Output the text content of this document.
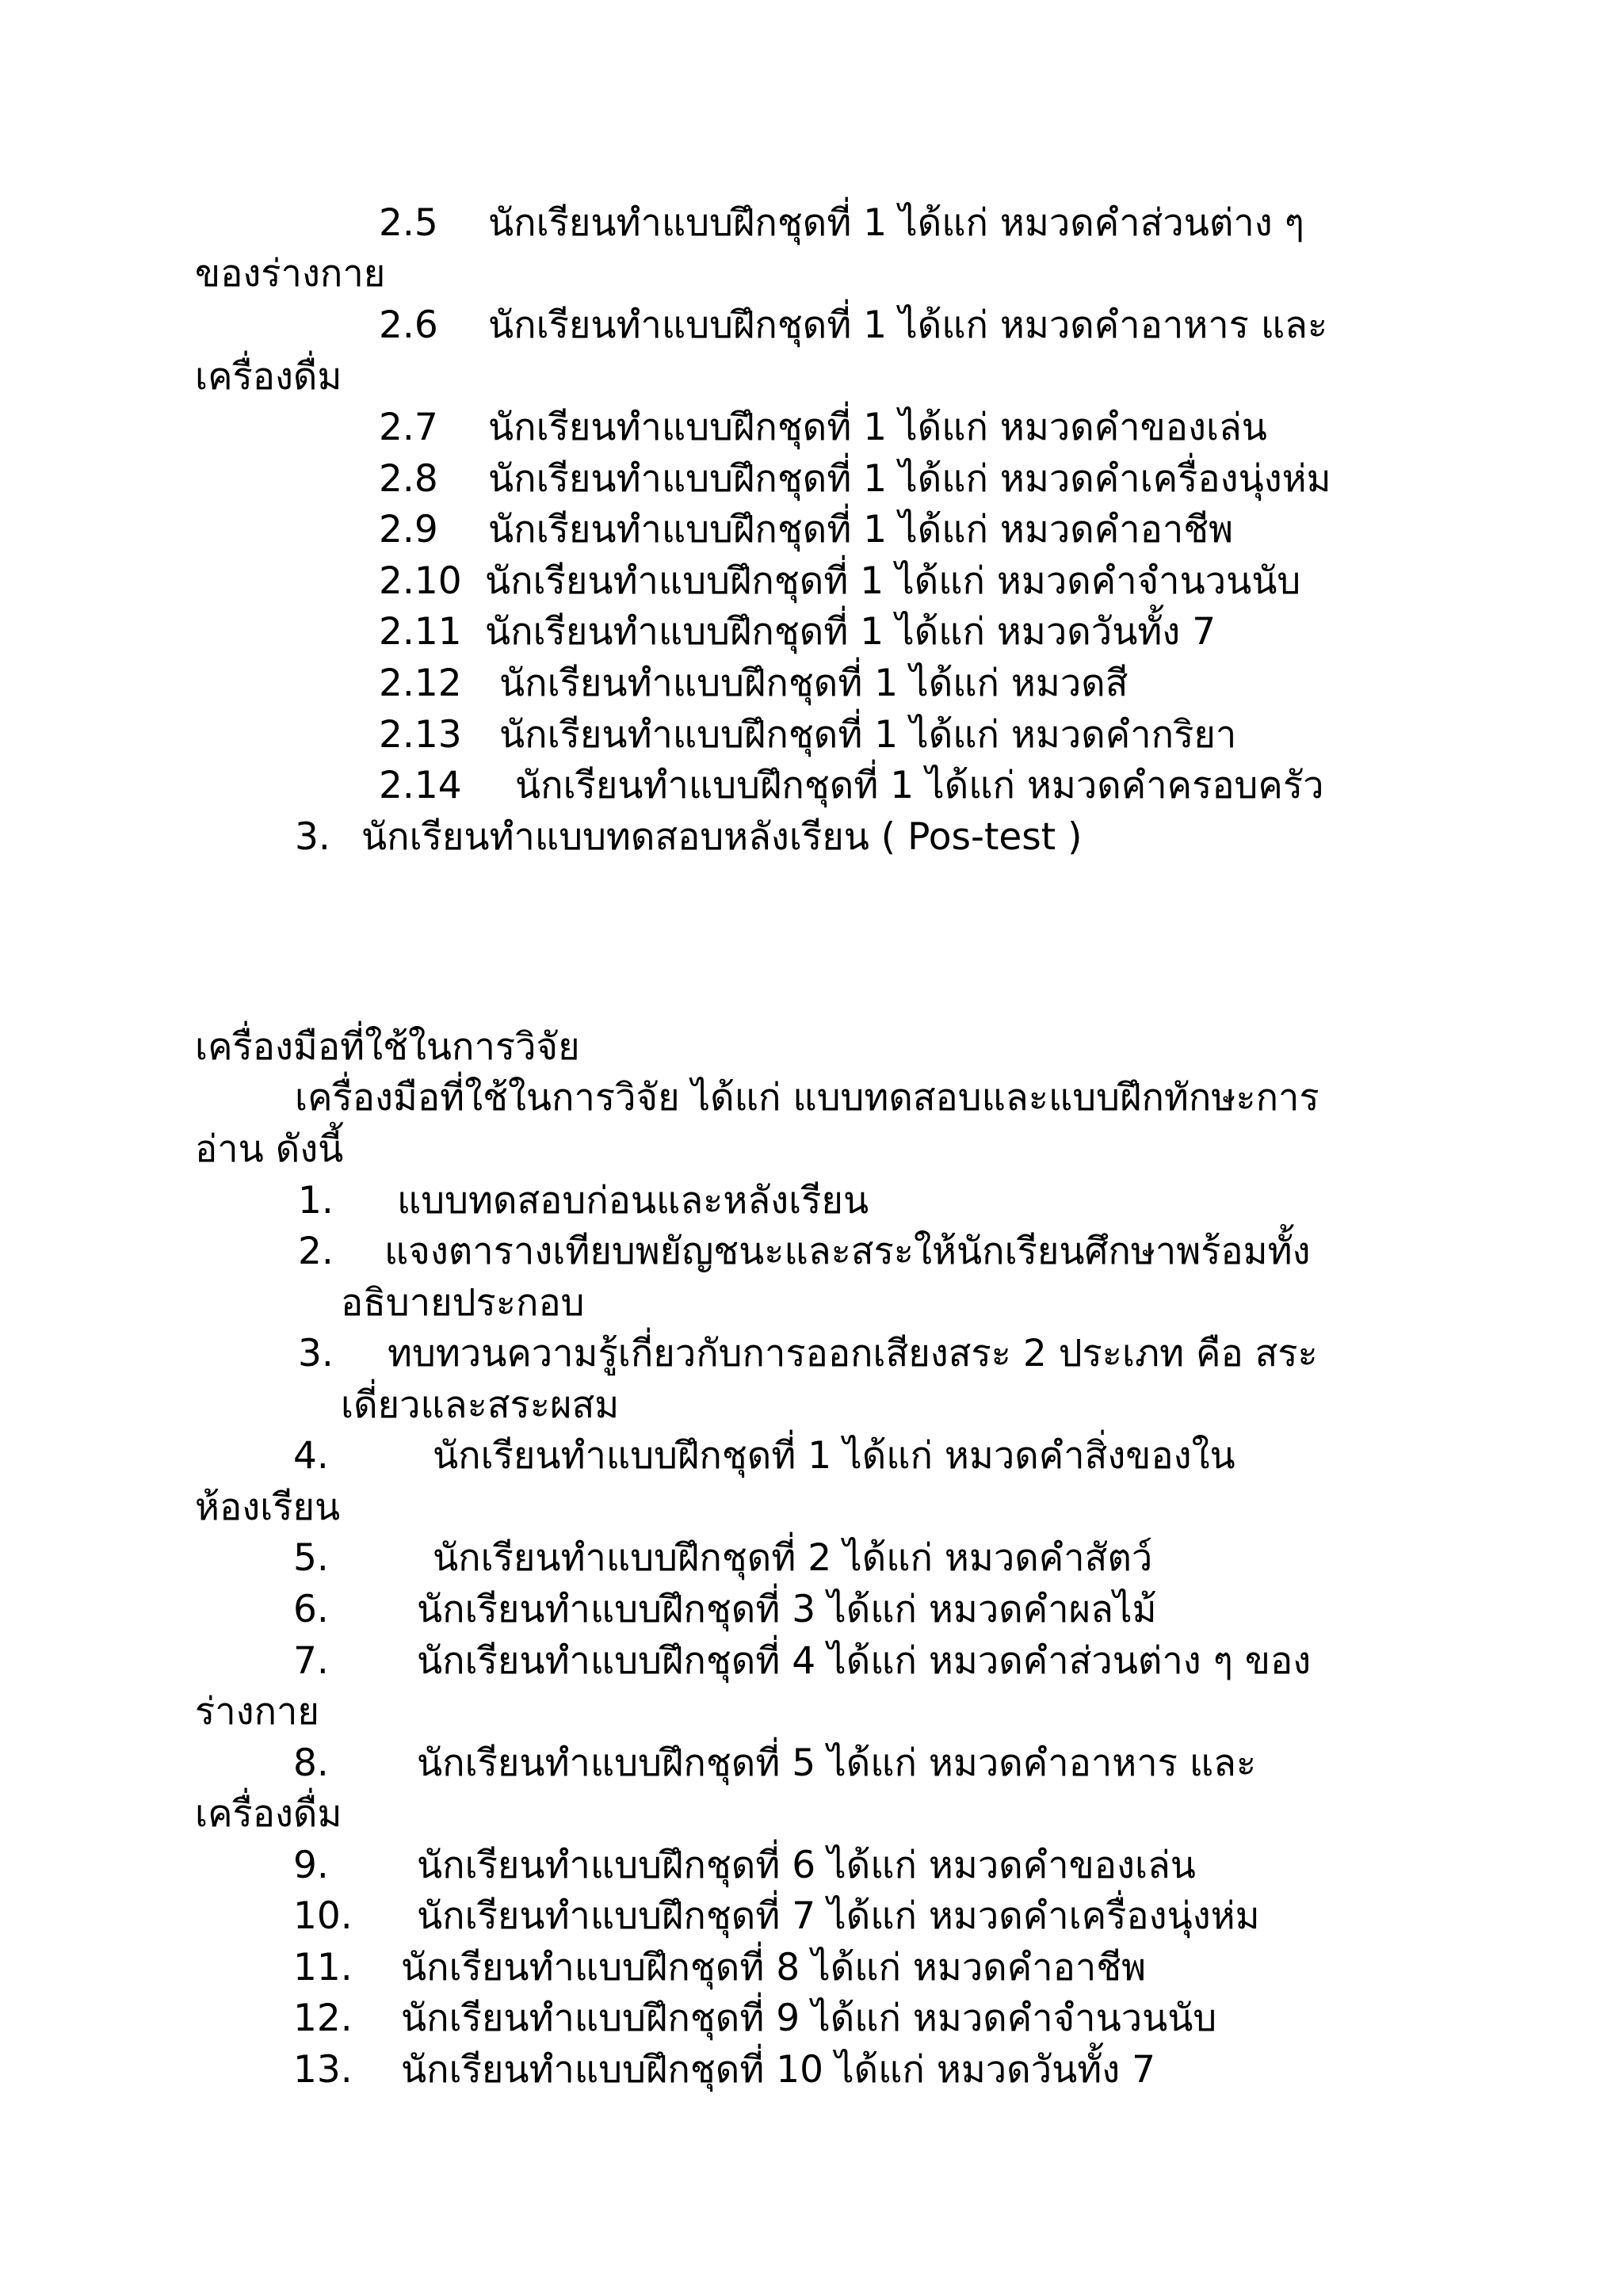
2.5 นักเรียนทำแบบฝึกชุดที่ 1 ได้แก่ หมวดคำส่วนต่าง ๆ
ของร่างกาย
2.6 นักเรียนทำแบบฝึกชุดที่ 1 ได้แก่ หมวดคำอาหาร และ
เครื่องดื่ม
2.7 นักเรียนทำแบบฝึกชุดที่ 1 ได้แก่ หมวดคำของเล่น
2.8 นักเรียนทำแบบฝึกชุดที่ 1 ได้แก่ หมวดคำเครื่องนุ่งห่ม
2.9 นักเรียนทำแบบฝึกชุดที่ 1 ได้แก่ หมวดคำอาชีพ
2.10 นักเรียนทำแบบฝึกชุดที่ 1 ได้แก่ หมวดคำจำนวนนับ
2.11 นักเรียนทำแบบฝึกชุดที่ 1 ได้แก่ หมวดวันทั้ง 7
2.12 นักเรียนทำแบบฝึกชุดที่ 1 ได้แก่ หมวดสี
2.13 นักเรียนทำแบบฝึกชุดที่ 1 ได้แก่ หมวดคำกริยา
2.14 นักเรียนทำแบบฝึกชุดที่ 1 ได้แก่ หมวดคำครอบครัว
3. นักเรียนทำแบบทดสอบหลังเรียน ( Pos-test )
เครื่องมือที่ใช้ในการวิจัย
เครื่องมือที่ใช้ในการวิจัย ได้แก่ แบบทดสอบและแบบฝึกทักษะการ
อ่าน ดังนี้
1. แบบทดสอบก่อนและหลังเรียน
2. แจงตารางเทียบพยัญชนะและสระให้นักเรียนศึกษาพร้อมทั้ง
อธิบายประกอบ
3. ทบทวนความรู้เกี่ยวกับการออกเสียงสระ 2 ประเภท คือ สระ
เดี่ยวและสระผสม
4.	นักเรียนทำแบบฝึกชุดที่ 1 ได้แก่ หมวดคำสิ่งของใน
ห้องเรียน
5.	นักเรียนทำแบบฝึกชุดที่ 2 ได้แก่ หมวดคำสัตว์
6. นักเรียนทำแบบฝึกชุดที่ 3 ได้แก่ หมวดคำผลไม้
7. นักเรียนทำแบบฝึกชุดที่ 4 ได้แก่ หมวดคำส่วนต่าง ๆ ของ
ร่างกาย
8. นักเรียนทำแบบฝึกชุดที่ 5 ได้แก่ หมวดคำอาหาร และ
เครื่องดื่ม
9. นักเรียนทำแบบฝึกชุดที่ 6 ได้แก่ หมวดคำของเล่น
10. นักเรียนทำแบบฝึกชุดที่ 7 ได้แก่ หมวดคำเครื่องนุ่งห่ม
11. นักเรียนทำแบบฝึกชุดที่ 8 ได้แก่ หมวดคำอาชีพ
12. นักเรียนทำแบบฝึกชุดที่ 9 ได้แก่ หมวดคำจำนวนนับ
13. นักเรียนทำแบบฝึกชุดที่ 10 ได้แก่ หมวดวันทั้ง 7
